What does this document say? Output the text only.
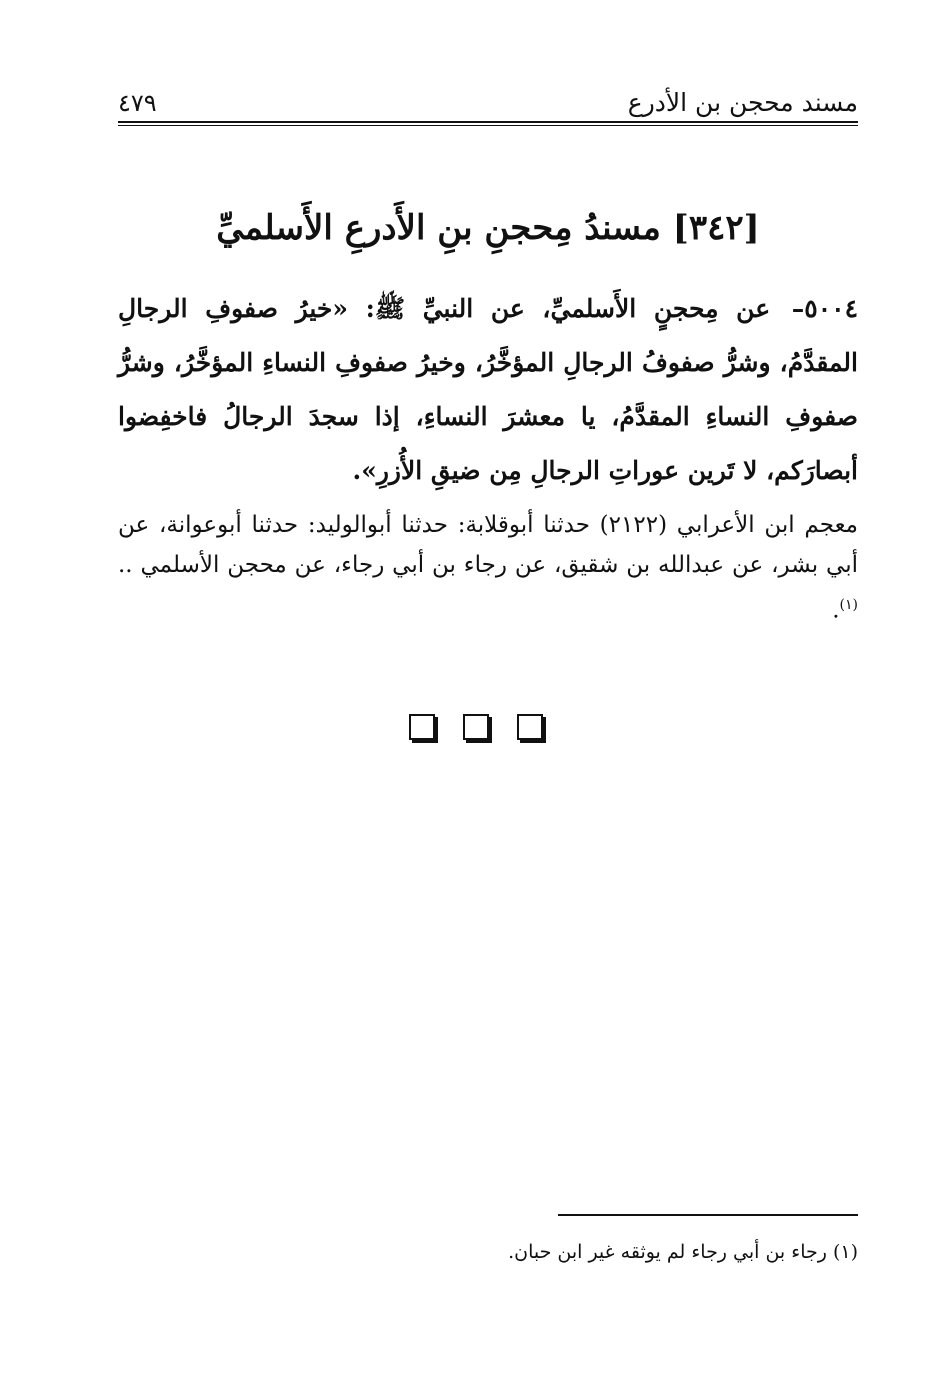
مسند محجن بن الأدرع
٤٧٩
[٣٤٢] مسندُ مِحجنِ بنِ الأَدرعِ الأَسلميِّ
٥٠٠٤– عن مِحجنٍ الأَسلميِّ، عن النبيِّ ﷺ: «خيرُ صفوفِ الرجالِ المقدَّمُ، وشرُّ صفوفُ الرجالِ المؤخَّرُ، وخيرُ صفوفِ النساءِ المؤخَّرُ، وشرُّ صفوفِ النساءِ المقدَّمُ، يا معشرَ النساءِ، إذا سجدَ الرجالُ فاخفِضوا أبصارَكم، لا تَرين عوراتِ الرجالِ مِن ضيقِ الأُزرِ».
معجم ابن الأعرابي (٢١٢٢) حدثنا أبوقلابة: حدثنا أبوالوليد: حدثنا أبوعوانة، عن أبي بشر، عن عبدالله بن شقيق، عن رجاء بن أبي رجاء، عن محجن الأسلمي .. $^{(١)}$.
(١) رجاء بن أبي رجاء لم يوثقه غير ابن حبان.
